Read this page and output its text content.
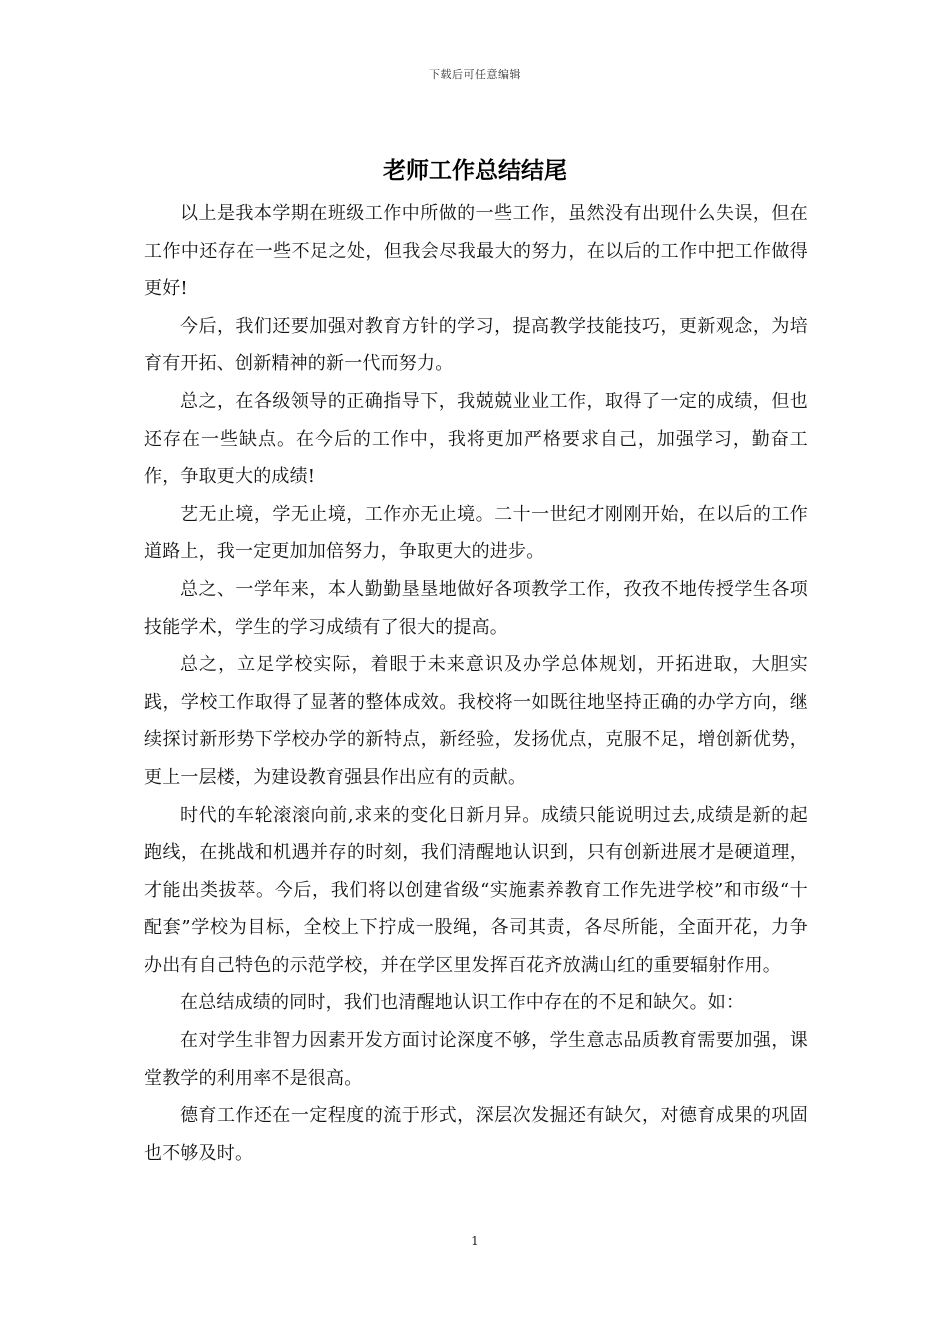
下载后可任意编辑
老师工作总结结尾

以上是我本学期在班级工作中所做的一些工作，虽然没有出现什么失误，但在工作中还存在一些不足之处，但我会尽我最大的努力，在以后的工作中把工作做得更好!

今后，我们还要加强对教育方针的学习，提高教学技能技巧，更新观念，为培育有开拓、创新精神的新一代而努力。

总之，在各级领导的正确指导下，我兢兢业业工作，取得了一定的成绩，但也还存在一些缺点。在今后的工作中，我将更加严格要求自己，加强学习，勤奋工作，争取更大的成绩!

艺无止境，学无止境，工作亦无止境。二十一世纪才刚刚开始，在以后的工作道路上，我一定更加加倍努力，争取更大的进步。

总之、一学年来，本人勤勤垦垦地做好各项教学工作，孜孜不地传授学生各项技能学术，学生的学习成绩有了很大的提高。

总之，立足学校实际，着眼于未来意识及办学总体规划，开拓进取，大胆实践，学校工作取得了显著的整体成效。我校将一如既往地坚持正确的办学方向，继续探讨新形势下学校办学的新特点，新经验，发扬优点，克服不足，增创新优势，更上一层楼，为建设教育强县作出应有的贡献。

时代的车轮滚滚向前,求来的变化日新月异。成绩只能说明过去,成绩是新的起跑线，在挑战和机遇并存的时刻，我们清醒地认识到，只有创新进展才是硬道理，才能出类拔萃。今后，我们将以创建省级“实施素养教育工作先进学校”和市级“十配套”学校为目标，全校上下拧成一股绳，各司其责，各尽所能，全面开花，力争办出有自己特色的示范学校，并在学区里发挥百花齐放满山红的重要辐射作用。

在总结成绩的同时，我们也清醒地认识工作中存在的不足和缺欠。如：

在对学生非智力因素开发方面讨论深度不够，学生意志品质教育需要加强，课堂教学的利用率不是很高。

德育工作还在一定程度的流于形式，深层次发掘还有缺欠，对德育成果的巩固也不够及时。

1
